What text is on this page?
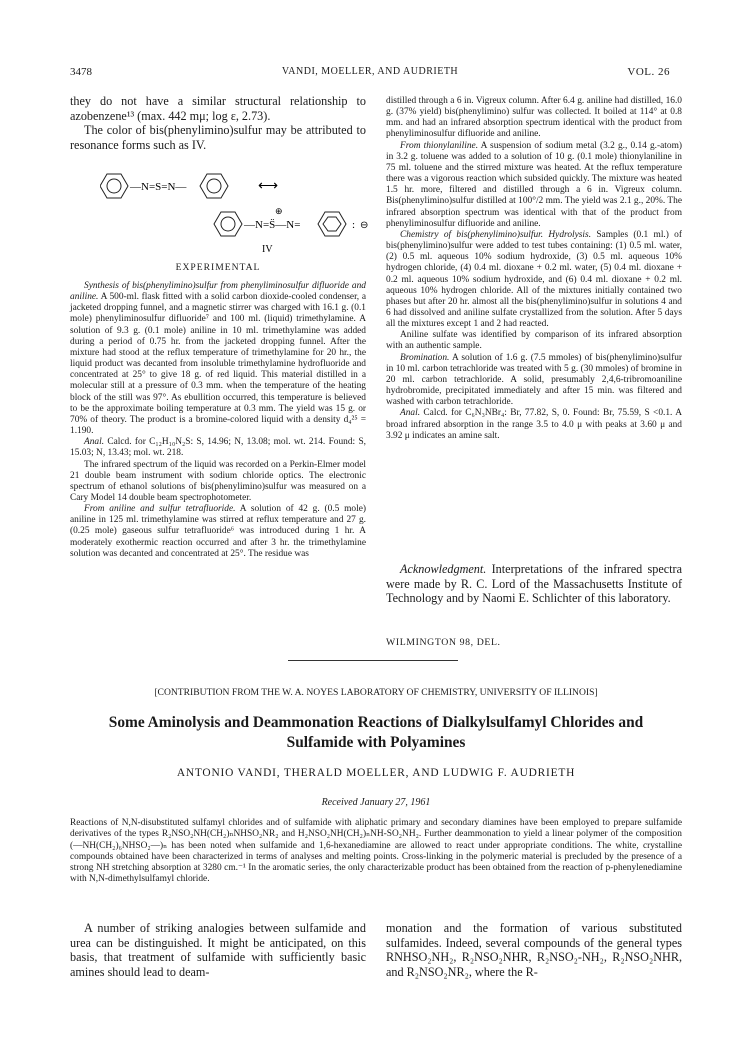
3478	VANDI, MOELLER, AND AUDRIETH	VOL. 26

they do not have a similar structural relationship to azobenzene¹³ (max. 442 mμ; log ε, 2.73).

The color of bis(phenylimino)sulfur may be attributed to resonance forms such as IV.

—N=S=N—	⟷
⊕
—N=S̈—N=	: ⊖
IV

EXPERIMENTAL

Synthesis of bis(phenylimino)sulfur from phenyliminosulfur difluoride and aniline. A 500-ml. flask fitted with a solid carbon dioxide-cooled condenser, a jacketed dropping funnel, and a magnetic stirrer was charged with 16.1 g. (0.1 mole) phenyliminosulfur difluoride⁷ and 100 ml. (liquid) trimethylamine. A solution of 9.3 g. (0.1 mole) aniline in 10 ml. trimethylamine was added during a period of 0.75 hr. from the jacketed dropping funnel. After the mixture had stood at the reflux temperature of trimethylamine for 20 hr., the liquid product was decanted from insoluble trimethylamine hydrofluoride and concentrated at 25° to give 18 g. of red liquid. This material distilled in a molecular still at a pressure of 0.3 mm. when the temperature of the heating block of the still was 97°. As ebullition occurred, this temperature is believed to be the approximate boiling temperature at 0.3 mm. The yield was 15 g. or 70% of theory. The product is a bromine-colored liquid with a density d₄²⁵ = 1.190.

Anal. Calcd. for C₁₂H₁₀N₂S: S, 14.96; N, 13.08; mol. wt. 214. Found: S, 15.03; N, 13.43; mol. wt. 218.

The infrared spectrum of the liquid was recorded on a Perkin-Elmer model 21 double beam instrument with sodium chloride optics. The electronic spectrum of ethanol solutions of bis(phenylimino)sulfur was measured on a Cary Model 14 double beam spectrophotometer.

From aniline and sulfur tetrafluoride. A solution of 42 g. (0.5 mole) aniline in 125 ml. trimethylamine was stirred at reflux temperature and 27 g. (0.25 mole) gaseous sulfur tetrafluoride⁶ was introduced during 1 hr. A moderately exothermic reaction occurred and after 3 hr. the trimethylamine solution was decanted and concentrated at 25°. The residue was

distilled through a 6 in. Vigreux column. After 6.4 g. aniline had distilled, 16.0 g. (37% yield) bis(phenylimino) sulfur was collected. It boiled at 114° at 0.8 mm. and had an infrared absorption spectrum identical with the product from phenyliminosulfur difluoride and aniline.

From thionylaniline. A suspension of sodium metal (3.2 g., 0.14 g.-atom) in 3.2 g. toluene was added to a solution of 10 g. (0.1 mole) thionylaniline in 75 ml. toluene and the stirred mixture was heated. At the reflux temperature there was a vigorous reaction which subsided quickly. The mixture was heated 1.5 hr. more, filtered and distilled through a 6 in. Vigreux column. Bis(phenylimino)sulfur distilled at 100°/2 mm. The yield was 2.1 g., 20%. The infrared absorption spectrum was identical with that of the product from phenyliminosulfur difluoride and aniline.

Chemistry of bis(phenylimino)sulfur. Hydrolysis. Samples (0.1 ml.) of bis(phenylimino)sulfur were added to test tubes containing: (1) 0.5 ml. water, (2) 0.5 ml. aqueous 10% sodium hydroxide, (3) 0.5 ml. aqueous 10% hydrogen chloride, (4) 0.4 ml. dioxane + 0.2 ml. water, (5) 0.4 ml. dioxane + 0.2 ml. aqueous 10% sodium hydroxide, and (6) 0.4 ml. dioxane + 0.2 ml. aqueous 10% hydrogen chloride. All of the mixtures initially contained two phases but after 20 hr. almost all the bis(phenylimino)sulfur in solutions 4 and 6 had dissolved and aniline sulfate crystallized from the solution. After 5 days all the mixtures except 1 and 2 had reacted.

Aniline sulfate was identified by comparison of its infrared absorption with an authentic sample.

Bromination. A solution of 1.6 g. (7.5 mmoles) of bis(phenylimino)sulfur in 10 ml. carbon tetrachloride was treated with 5 g. (30 mmoles) of bromine in 20 ml. carbon tetrachloride. A solid, presumably 2,4,6-tribromoaniline hydrobromide, precipitated immediately and after 15 min. was filtered and washed with carbon tetrachloride.

Anal. Calcd. for C₆N₃NBr₄: Br, 77.82, S, 0. Found: Br, 75.59, S <0.1. A broad infrared absorption in the range 3.5 to 4.0 μ with peaks at 3.60 μ and 3.92 μ indicates an amine salt.

Acknowledgment. Interpretations of the infrared spectra were made by R. C. Lord of the Massachusetts Institute of Technology and by Naomi E. Schlichter of this laboratory.

WILMINGTON 98, DEL.
[CONTRIBUTION FROM THE W. A. NOYES LABORATORY OF CHEMISTRY, UNIVERSITY OF ILLINOIS]
Some Aminolysis and Deammonation Reactions of Dialkylsulfamyl Chlorides and Sulfamide with Polyamines
ANTONIO VANDI, THERALD MOELLER, AND LUDWIG F. AUDRIETH
Received January 27, 1961
Reactions of N,N-disubstituted sulfamyl chlorides and of sulfamide with aliphatic primary and secondary diamines have been employed to prepare sulfamide derivatives of the types R₂NSO₂NH(CH₂)ₙNHSO₂NR₂ and H₂NSO₂NH(CH₂)ₙNH-SO₂NH₂. Further deammonation to yield a linear polymer of the composition (—NH(CH₂)₆NHSO₂—)ₙ has been noted when sulfamide and 1,6-hexanediamine are allowed to react under appropriate conditions. The white, crystalline compounds obtained have been characterized in terms of analyses and melting points. Cross-linking in the polymeric material is precluded by the presence of a strong NH stretching absorption at 3280 cm.⁻¹ In the aromatic series, the only characterizable product has been obtained from the reaction of p-phenylenediamine with N,N-dimethylsulfamyl chloride.

A number of striking analogies between sulfamide and urea can be distinguished. It might be anticipated, on this basis, that treatment of sulfamide with sufficiently basic amines should lead to deam-

monation and the formation of various substituted sulfamides. Indeed, several compounds of the general types RNHSO₂NH₂, R₂NSO₂NHR, R₂NSO₂-NH₂, R₂NSO₂NHR, and R₂NSO₂NR₂, where the R-
